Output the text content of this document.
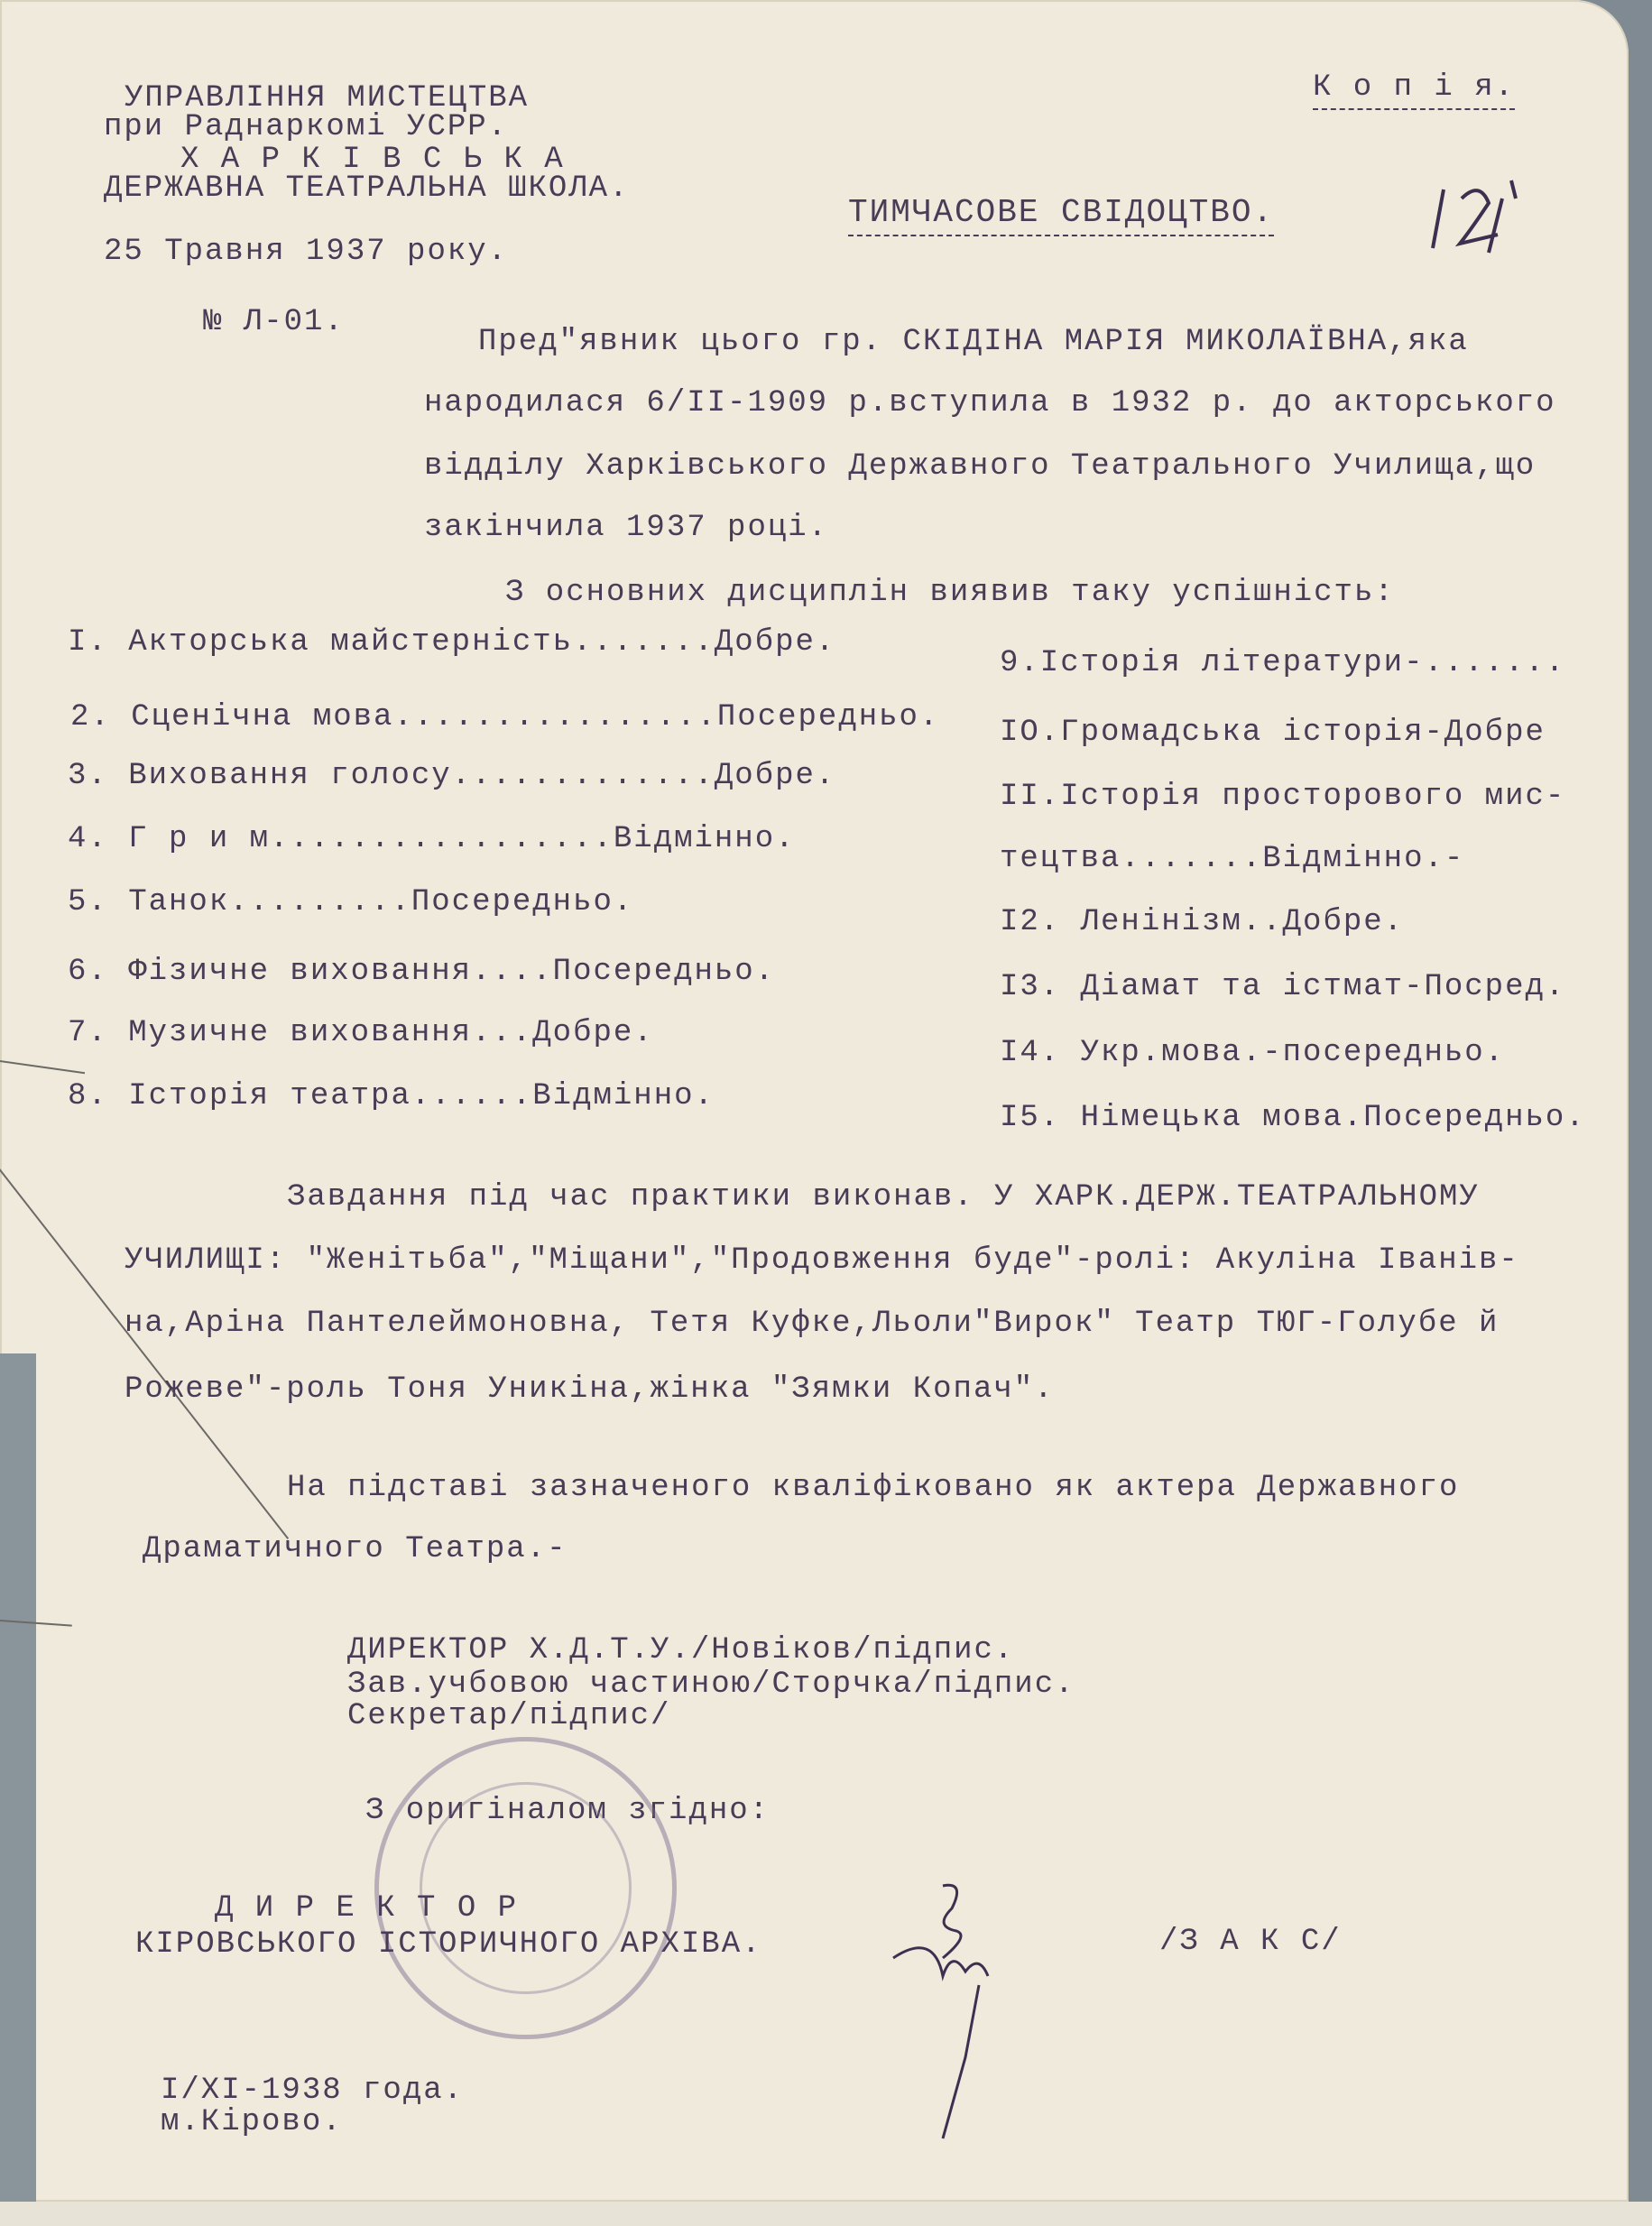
УПРАВЛІННЯ МИСТЕЦТВА
при Раднаркомі УСРР.
Х А Р К І В С Ь К А
ДЕРЖАВНА ТЕАТРАЛЬНА ШКОЛА.
25 Травня 1937 року.
№ Л-01.
К о п і я.
ТИМЧАСОВЕ СВІДОЦТВО.
Пред"явник цього гр. СКІДІНА МАРІЯ МИКОЛАЇВНА,яка
народилася 6/II-1909 р.вступила в 1932 р. до акторського
відділу Харківського Державного Театрального Училища,що
закінчила 1937 році.
З основних дисциплін виявив таку успішність:
I. Акторська майстерність.......Добре.
2. Сценічна мова................Посередньо.
3. Виховання голосу.............Добре.
4. Г р и м.................Відмінно.
5. Танок.........Посередньо.
6. Фізичне виховання....Посередньо.
7. Музичне виховання...Добре.
8. Історія театра......Відмінно.
9.Історія літератури-.......
IO.Громадська історія-Добре
II.Історія просторового мис-
тецтва.......Відмінно.-
I2. Ленінізм..Добре.
I3. Діамат та істмат-Посред.
I4. Укр.мова.-посередньо.
I5. Німецька мова.Посередньо.
Завдання під час практики виконав. У ХАРК.ДЕРЖ.ТЕАТРАЛЬНОМУ
УЧИЛИЩІ: "Женітьба","Міщани","Продовження буде"-ролі: Акуліна Іванів-
на,Аріна Пантелеймоновна, Тетя Куфке,Льоли"Вирок" Театр ТЮГ-Голубе й
Рожеве"-роль Тоня Уникіна,жінка "Зямки Копач".
На підставі зазначеного кваліфіковано як актера Державного
Драматичного Театра.-
ДИРЕКТОР Х.Д.Т.У./Новіков/підпис.
Зав.учбовою частиною/Сторчка/підпис.
Секретар/підпис/
З оригіналом згідно:
Д И Р Е К Т О Р
КІРОВСЬКОГО ІСТОРИЧНОГО АРХІВА.	/З А К С/
I/XI-1938 года.
м.Кірово.
